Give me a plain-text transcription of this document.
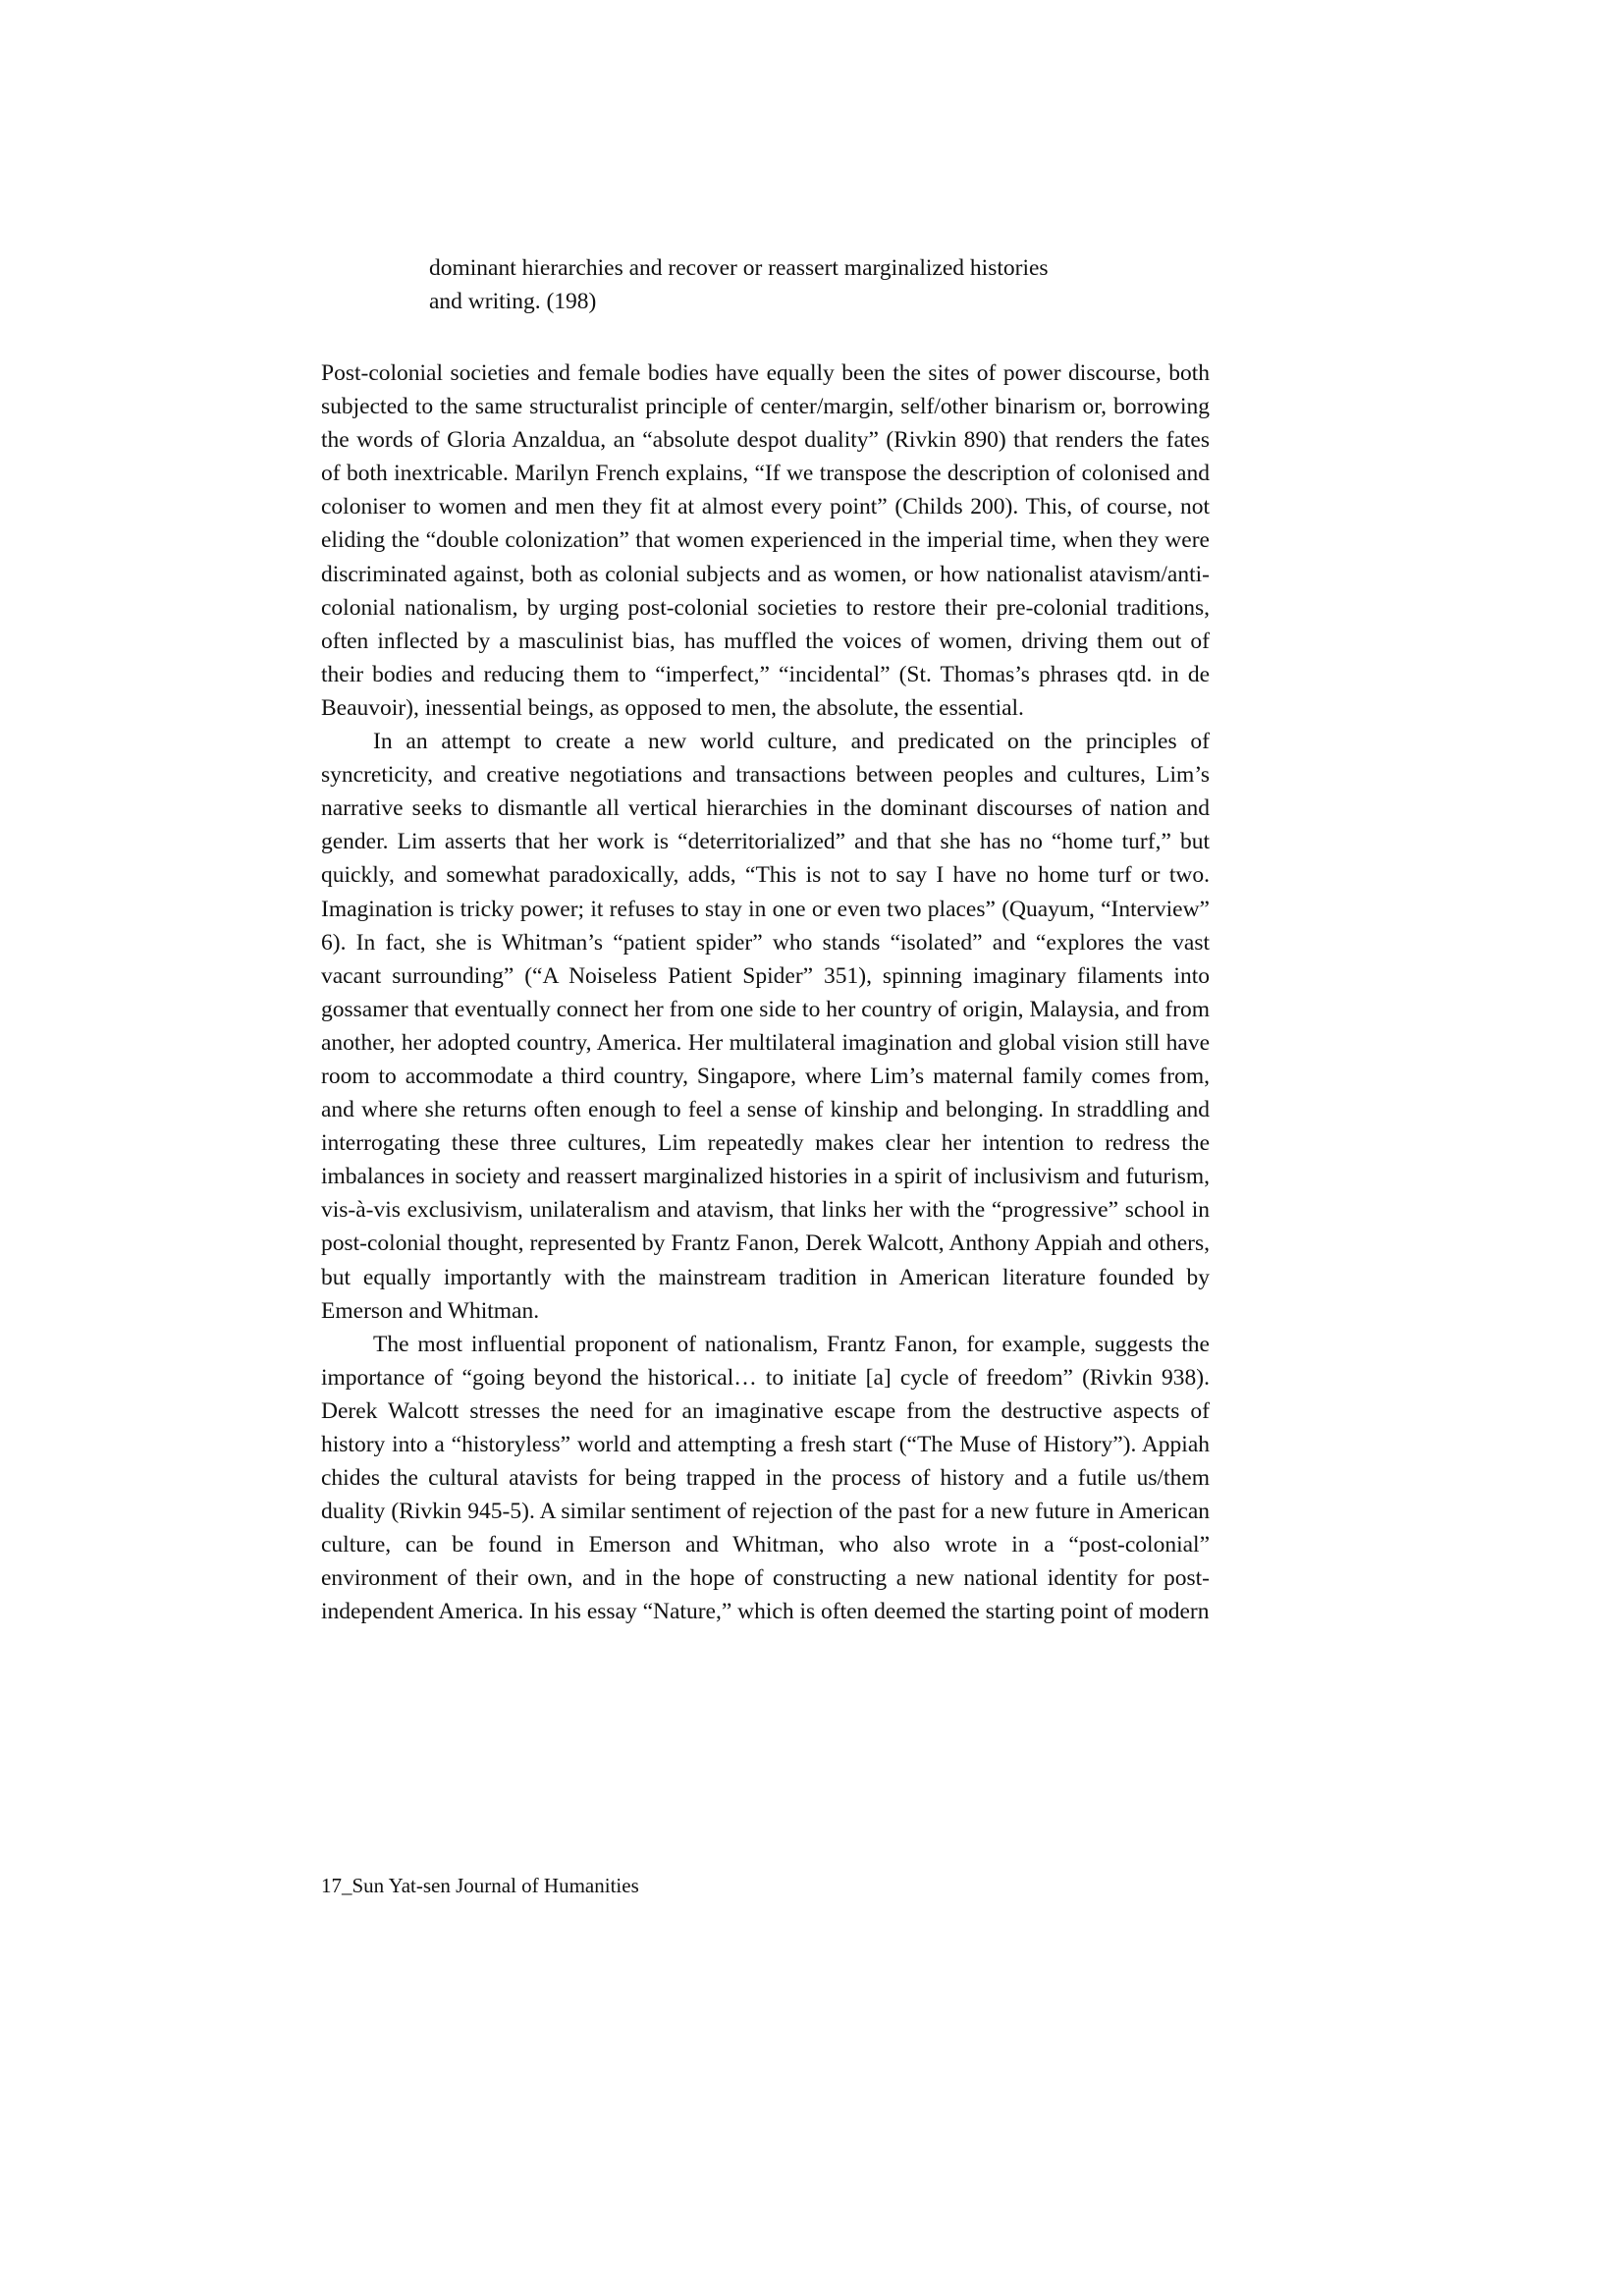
dominant hierarchies and recover or reassert marginalized histories

and writing. (198)

Post-colonial societies and female bodies have equally been the sites of power discourse, both subjected to the same structuralist principle of center/margin, self/other binarism or, borrowing the words of Gloria Anzaldua, an “absolute despot duality” (Rivkin 890) that renders the fates of both inextricable. Marilyn French explains, “If we transpose the description of colonised and coloniser to women and men they fit at almost every point” (Childs 200). This, of course, not eliding the “double colonization” that women experienced in the imperial time, when they were discriminated against, both as colonial subjects and as women, or how nationalist atavism/anti-colonial nationalism, by urging post-colonial societies to restore their pre-colonial traditions, often inflected by a masculinist bias, has muffled the voices of women, driving them out of their bodies and reducing them to “imperfect,” “incidental” (St. Thomas’s phrases qtd. in de Beauvoir), inessential beings, as opposed to men, the absolute, the essential.

In an attempt to create a new world culture, and predicated on the principles of syncreticity, and creative negotiations and transactions between peoples and cultures, Lim’s narrative seeks to dismantle all vertical hierarchies in the dominant discourses of nation and gender. Lim asserts that her work is “deterritorialized” and that she has no “home turf,” but quickly, and somewhat paradoxically, adds, “This is not to say I have no home turf or two. Imagination is tricky power; it refuses to stay in one or even two places” (Quayum, “Interview” 6). In fact, she is Whitman’s “patient spider” who stands “isolated” and “explores the vast vacant surrounding” (“A Noiseless Patient Spider” 351), spinning imaginary filaments into gossamer that eventually connect her from one side to her country of origin, Malaysia, and from another, her adopted country, America. Her multilateral imagination and global vision still have room to accommodate a third country, Singapore, where Lim’s maternal family comes from, and where she returns often enough to feel a sense of kinship and belonging. In straddling and interrogating these three cultures, Lim repeatedly makes clear her intention to redress the imbalances in society and reassert marginalized histories in a spirit of inclusivism and futurism, vis-à-vis exclusivism, unilateralism and atavism, that links her with the “progressive” school in post-colonial thought, represented by Frantz Fanon, Derek Walcott, Anthony Appiah and others, but equally importantly with the mainstream tradition in American literature founded by Emerson and Whitman.

The most influential proponent of nationalism, Frantz Fanon, for example, suggests the importance of “going beyond the historical… to initiate [a] cycle of freedom” (Rivkin 938). Derek Walcott stresses the need for an imaginative escape from the destructive aspects of history into a “historyless” world and attempting a fresh start (“The Muse of History”). Appiah chides the cultural atavists for being trapped in the process of history and a futile us/them duality (Rivkin 945-5). A similar sentiment of rejection of the past for a new future in American culture, can be found in Emerson and Whitman, who also wrote in a “post-colonial” environment of their own, and in the hope of constructing a new national identity for post-independent America. In his essay “Nature,” which is often deemed the starting point of modern

17_Sun Yat-sen Journal of Humanities
